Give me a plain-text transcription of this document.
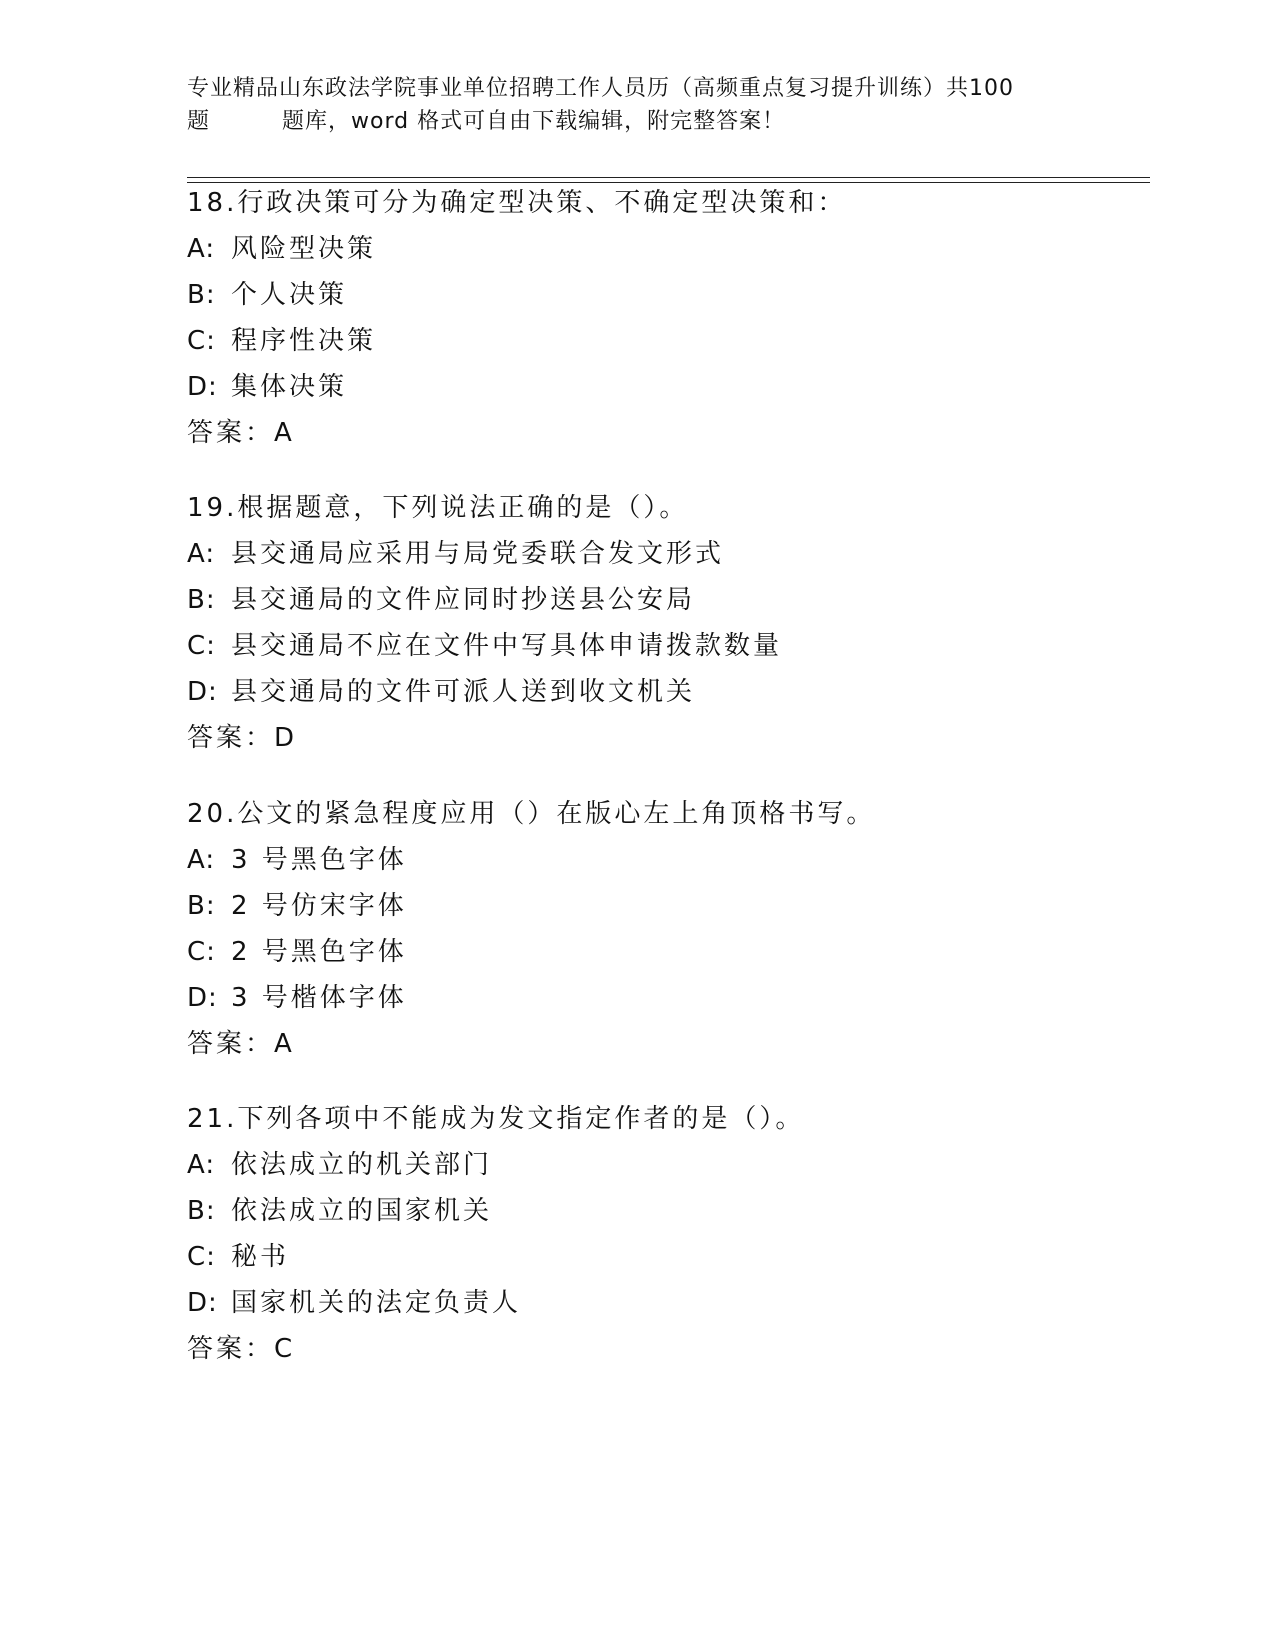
专业精品山东政法学院事业单位招聘工作人员历（高频重点复习提升训练）共100
题	题库，word 格式可自由下载编辑，附完整答案！
18.行政决策可分为确定型决策、不确定型决策和：
A: 风险型决策
B: 个人决策
C: 程序性决策
D: 集体决策
答案：A
19.根据题意，下列说法正确的是（）。
A: 县交通局应采用与局党委联合发文形式
B: 县交通局的文件应同时抄送县公安局
C: 县交通局不应在文件中写具体申请拨款数量
D: 县交通局的文件可派人送到收文机关
答案：D
20.公文的紧急程度应用（）在版心左上角顶格书写。
A: 3 号黑色字体
B: 2 号仿宋字体
C: 2 号黑色字体
D: 3 号楷体字体
答案：A
21.下列各项中不能成为发文指定作者的是（）。
A: 依法成立的机关部门
B: 依法成立的国家机关
C: 秘书
D: 国家机关的法定负责人
答案：C
